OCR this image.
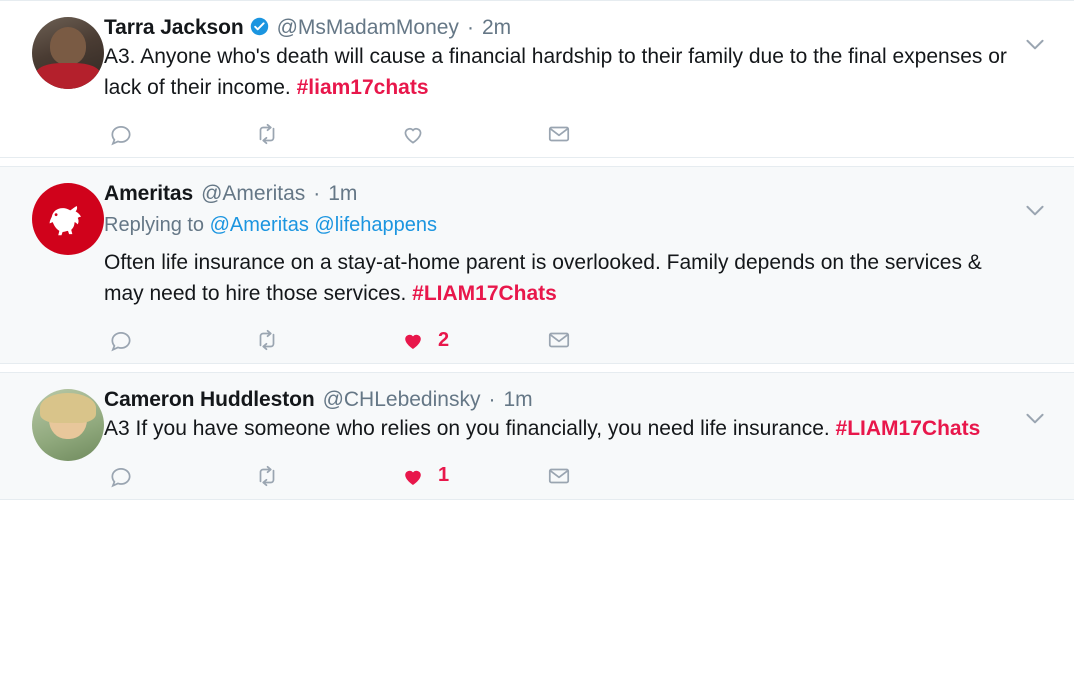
Tarra Jackson @MsMadamMoney · 2m
A3. Anyone who's death will cause a financial hardship to their family due to the final expenses or lack of their income. #liam17chats
Ameritas @Ameritas · 1m
Replying to @Ameritas @lifehappens
Often life insurance on a stay-at-home parent is overlooked. Family depends on the services & may need to hire those services. #LIAM17Chats
2
Cameron Huddleston @CHLebedinsky · 1m
A3 If you have someone who relies on you financially, you need life insurance. #LIAM17Chats
1
